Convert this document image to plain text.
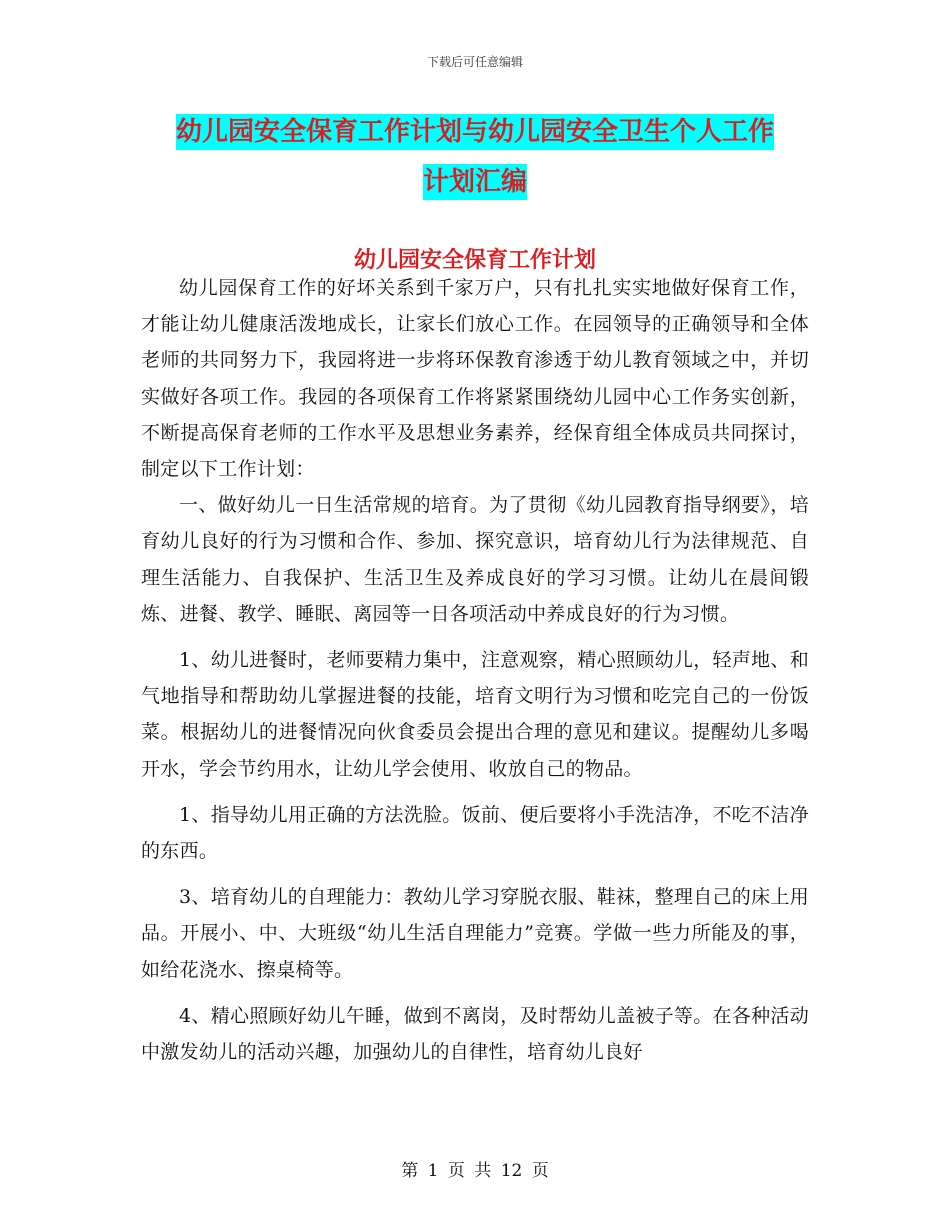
下载后可任意编辑
幼儿园安全保育工作计划与幼儿园安全卫生个人工作
计划汇编
幼儿园安全保育工作计划

幼儿园保育工作的好坏关系到千家万户，只有扎扎实实地做好保育工作，才能让幼儿健康活泼地成长，让家长们放心工作。在园领导的正确领导和全体老师的共同努力下，我园将进一步将环保教育渗透于幼儿教育领域之中，并切实做好各项工作。我园的各项保育工作将紧紧围绕幼儿园中心工作务实创新，不断提高保育老师的工作水平及思想业务素养，经保育组全体成员共同探讨，制定以下工作计划：

一、做好幼儿一日生活常规的培育。为了贯彻《幼儿园教育指导纲要》，培育幼儿良好的行为习惯和合作、参加、探究意识，培育幼儿行为法律规范、自理生活能力、自我保护、生活卫生及养成良好的学习习惯。让幼儿在晨间锻炼、进餐、教学、睡眠、离园等一日各项活动中养成良好的行为习惯。

1、幼儿进餐时，老师要精力集中，注意观察，精心照顾幼儿，轻声地、和气地指导和帮助幼儿掌握进餐的技能，培育文明行为习惯和吃完自己的一份饭菜。根据幼儿的进餐情况向伙食委员会提出合理的意见和建议。提醒幼儿多喝开水，学会节约用水，让幼儿学会使用、收放自己的物品。

1、指导幼儿用正确的方法洗脸。饭前、便后要将小手洗洁净，不吃不洁净的东西。

3、培育幼儿的自理能力：教幼儿学习穿脱衣服、鞋袜，整理自己的床上用品。开展小、中、大班级“幼儿生活自理能力”竞赛。学做一些力所能及的事，如给花浇水、擦桌椅等。

4、精心照顾好幼儿午睡，做到不离岗，及时帮幼儿盖被子等。在各种活动中激发幼儿的活动兴趣，加强幼儿的自律性，培育幼儿良好

第 1 页 共 12 页
